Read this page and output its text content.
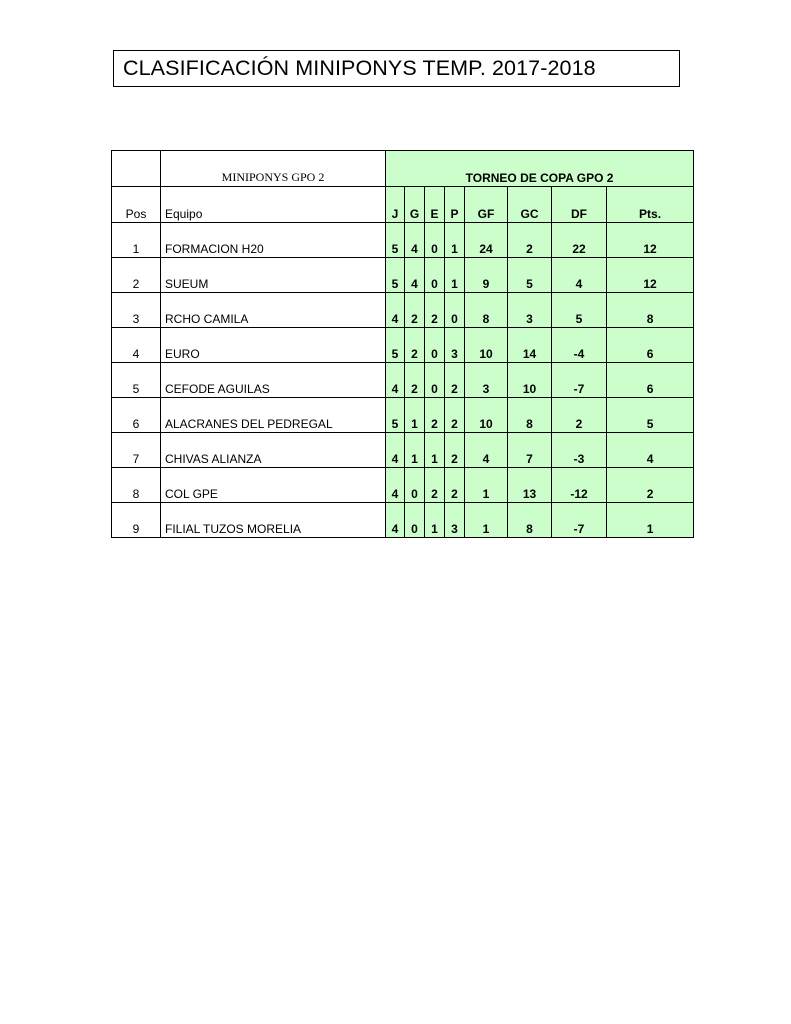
CLASIFICACIÓN MINIPONYS TEMP. 2017-2018
	MINIPONYS GPO 2	TORNEO DE COPA GPO 2							
Pos	Equipo	J	G	E	P	GF	GC	DF	Pts.
1	FORMACION H20	5	4	0	1	24	2	22	12
2	SUEUM	5	4	0	1	9	5	4	12
3	RCHO CAMILA	4	2	2	0	8	3	5	8
4	EURO	5	2	0	3	10	14	-4	6
5	CEFODE AGUILAS	4	2	0	2	3	10	-7	6
6	ALACRANES DEL PEDREGAL	5	1	2	2	10	8	2	5
7	CHIVAS ALIANZA	4	1	1	2	4	7	-3	4
8	COL GPE	4	0	2	2	1	13	-12	2
9	FILIAL TUZOS MORELIA	4	0	1	3	1	8	-7	1
